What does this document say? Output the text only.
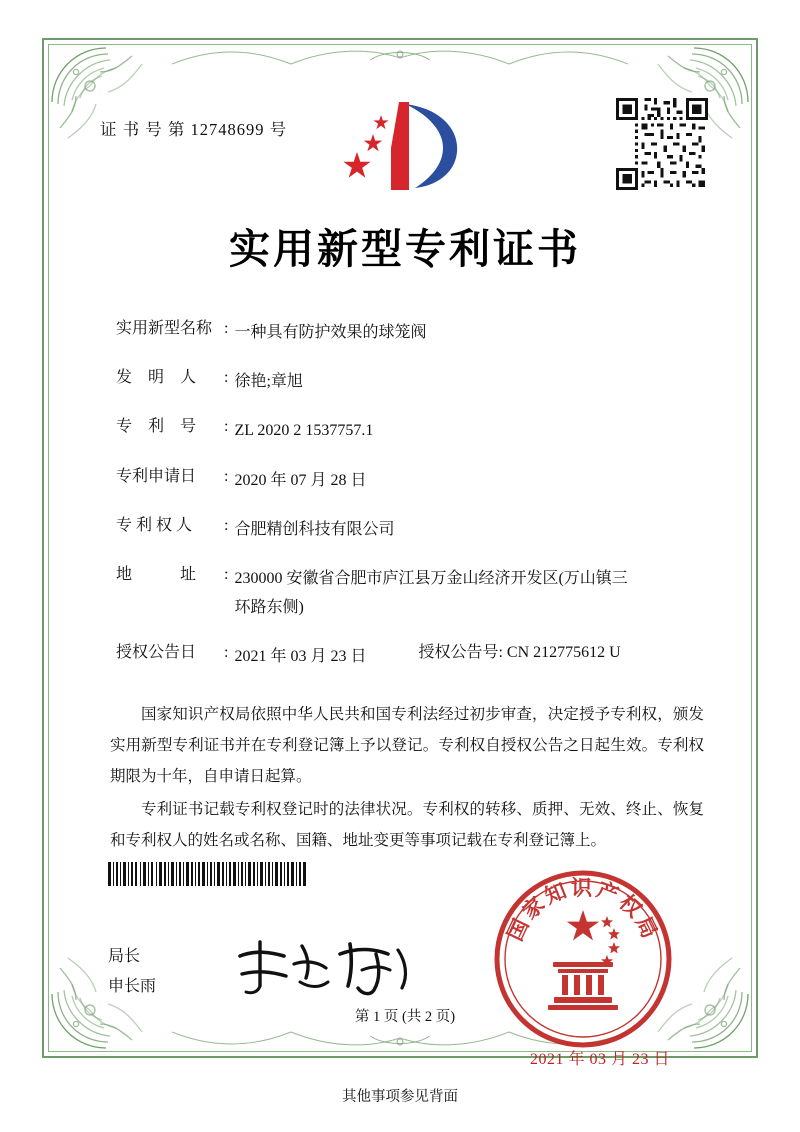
证 书 号 第 12748699 号
实用新型专利证书
实用新型名称 : 一种具有防护效果的球笼阀
发　明　人	: 徐艳;章旭
专　利　号	: ZL 2020 2 1537757.1
专利申请日	: 2020 年 07 月 28 日
专 利 权 人	: 合肥精创科技有限公司
地　　　址	: 230000 安徽省合肥市庐江县万金山经济开发区(万山镇三
环路东侧)
授权公告日	: 2021 年 03 月 23 日	授权公告号: CN 212775612 U

国家知识产权局依照中华人民共和国专利法经过初步审查，决定授予专利权，颁发实用新型专利证书并在专利登记簿上予以登记。专利权自授权公告之日起生效。专利权期限为十年，自申请日起算。

专利证书记载专利权登记时的法律状况。专利权的转移、质押、无效、终止、恢复和专利权人的姓名或名称、国籍、地址变更等事项记载在专利登记簿上。

局长
申长雨
国家知识产权局
2021 年 03 月 23 日
第 1 页 (共 2 页)
其他事项参见背面
